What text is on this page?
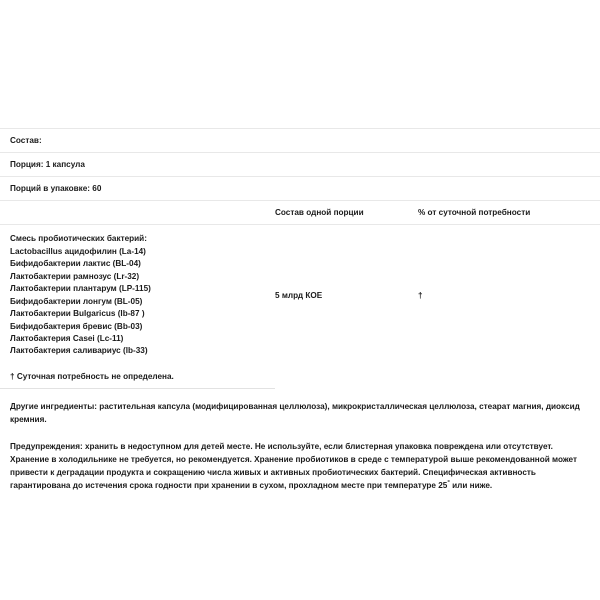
Состав:		
Порция: 1 капсула		
Порций в упаковке: 60		
	Состав одной порции	% от суточной потребности

Смесь пробиотических бактерий:
Lactobacillus ацидофилин (La-14)
Бифидобактерии лактис (BL-04)
Лактобактерии рамнозус (Lr-32)
Лактобактерии плантарум (LP-115)
Бифидобактерии лонгум (BL-05)
Лактобактерии Bulgaricus (lb-87 )
Бифидобактерия бревис (Bb-03)
Лактобактерия Casei (Lc-11)
Лактобактерия саливариус (lb-33)
	5 млрд КОЕ	†
† Суточная потребность не определена.		

Другие ингредиенты: растительная капсула (модифицированная целлюлоза), микрокристаллическая целлюлоза, стеарат магния, диоксид кремния.

Предупреждения: хранить в недоступном для детей месте. Не используйте, если блистерная упаковка повреждена или отсутствует. Хранение в холодильнике не требуется, но рекомендуется. Хранение пробиотиков в среде с температурой выше рекомендованной может привести к деградации продукта и сокращению числа живых и активных пробиотических бактерий. Специфическая активность гарантирована до истечения срока годности при хранении в сухом, прохладном месте при температуре 25° или ниже.
